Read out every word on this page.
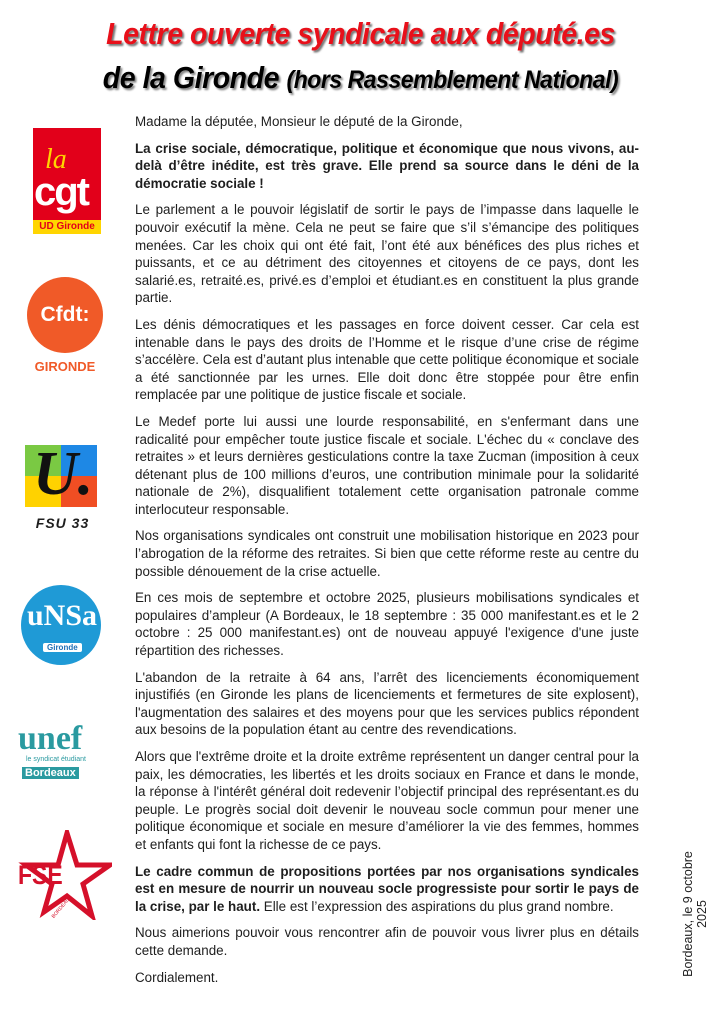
Lettre ouverte syndicale aux député.es
de la Gironde (hors Rassemblement National)
la
cgt
UD Gironde
Cfdt:
GIRONDE
U.
FSU 33
uNSa
Gironde
unef
le syndicat étudiant
Bordeaux
FSE
BORDEAUX

Madame la députée, Monsieur le député de la Gironde,

La crise sociale, démocratique, politique et économique que nous vivons, au-delà d’être inédite, est très grave. Elle prend sa source dans le déni de la démocratie sociale !

Le parlement a le pouvoir législatif de sortir le pays de l’impasse dans laquelle le pouvoir exécutif la mène. Cela ne peut se faire que s’il s’émancipe des politiques menées. Car les choix qui ont été fait, l’ont été aux bénéfices des plus riches et puissants, et ce au détriment des citoyennes et citoyens de ce pays, dont les salarié.es, retraité.es, privé.es d’emploi et étudiant.es en constituent la plus grande partie.

Les dénis démocratiques et les passages en force doivent cesser. Car cela est intenable dans le pays des droits de l’Homme et le risque d’une crise de régime s’accélère. Cela est d’autant plus intenable que cette politique économique et sociale a été sanctionnée par les urnes. Elle doit donc être stoppée pour être enfin remplacée par une politique de justice fiscale et sociale.

Le Medef porte lui aussi une lourde responsabilité, en s'enfermant dans une radicalité pour empêcher toute justice fiscale et sociale. L'échec du « conclave des retraites » et leurs dernières gesticulations contre la taxe Zucman (imposition à ceux détenant plus de 100 millions d’euros, une contribution minimale pour la solidarité nationale de 2%), disqualifient totalement cette organisation patronale comme interlocuteur responsable.

Nos organisations syndicales ont construit une mobilisation historique en 2023 pour l’abrogation de la réforme des retraites. Si bien que cette réforme reste au centre du possible dénouement de la crise actuelle.

En ces mois de septembre et octobre 2025, plusieurs mobilisations syndicales et populaires d’ampleur (A Bordeaux, le 18 septembre : 35 000 manifestant.es et le 2 octobre : 25 000 manifestant.es) ont de nouveau appuyé l'exigence d'une juste répartition des richesses.

L'abandon de la retraite à 64 ans, l’arrêt des licenciements économiquement injustifiés (en Gironde les plans de licenciements et fermetures de site explosent), l'augmentation des salaires et des moyens pour que les services publics répondent aux besoins de la population étant au centre des revendications.

Alors que l'extrême droite et la droite extrême représentent un danger central pour la paix, les démocraties, les libertés et les droits sociaux en France et dans le monde, la réponse à l'intérêt général doit redevenir l’objectif principal des représentant.es du peuple. Le progrès social doit devenir le nouveau socle commun pour mener une politique économique et sociale en mesure d’améliorer la vie des femmes, hommes et enfants qui font la richesse de ce pays.

Le cadre commun de propositions portées par nos organisations syndicales est en mesure de nourrir un nouveau socle progressiste pour sortir le pays de la crise, par le haut. Elle est l’expression des aspirations du plus grand nombre.

Nous aimerions pouvoir vous rencontrer afin de pouvoir vous livrer plus en détails cette demande.

Cordialement.

Bordeaux, le 9 octobre 2025
